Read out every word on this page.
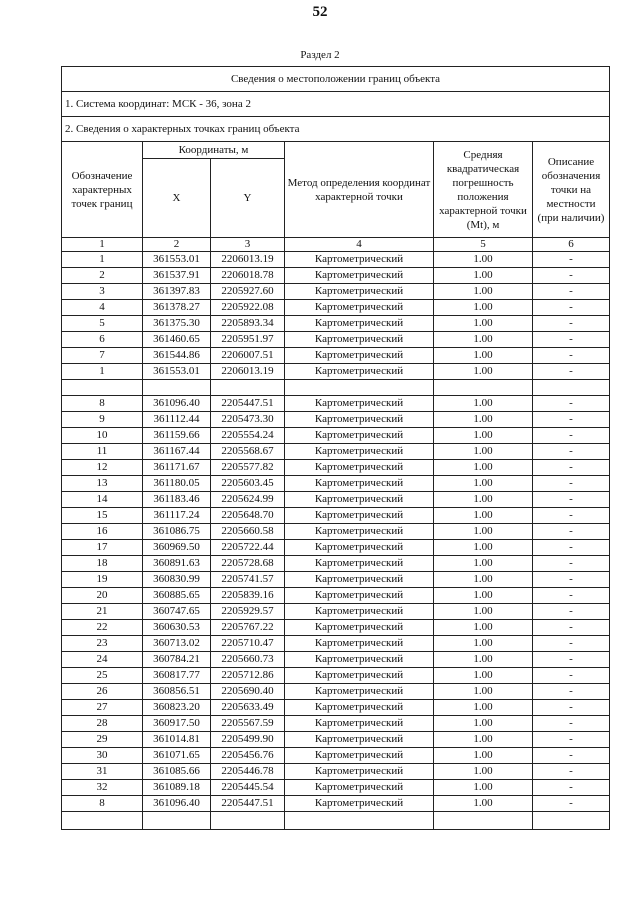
52
Раздел 2
Сведения о местоположении границ объекта					
1. Система координат: МСК - 36, зона 2					
2. Сведения о характерных точках границ объекта					
Обозначение характерных точек границ	Координаты, м		Метод определения координат характерной точки	Средняя квадратическая погрешность положения характерной точки (Mt), м	Описание обозначения точки на местности (при наличии)
	X	Y			
1	2	3	4	5	6
1	361553.01	2206013.19	Картометрический	1.00	-
2	361537.91	2206018.78	Картометрический	1.00	-
3	361397.83	2205927.60	Картометрический	1.00	-
4	361378.27	2205922.08	Картометрический	1.00	-
5	361375.30	2205893.34	Картометрический	1.00	-
6	361460.65	2205951.97	Картометрический	1.00	-
7	361544.86	2206007.51	Картометрический	1.00	-
1	361553.01	2206013.19	Картометрический	1.00	-

8	361096.40	2205447.51	Картометрический	1.00	-
9	361112.44	2205473.30	Картометрический	1.00	-
10	361159.66	2205554.24	Картометрический	1.00	-
11	361167.44	2205568.67	Картометрический	1.00	-
12	361171.67	2205577.82	Картометрический	1.00	-
13	361180.05	2205603.45	Картометрический	1.00	-
14	361183.46	2205624.99	Картометрический	1.00	-
15	361117.24	2205648.70	Картометрический	1.00	-
16	361086.75	2205660.58	Картометрический	1.00	-
17	360969.50	2205722.44	Картометрический	1.00	-
18	360891.63	2205728.68	Картометрический	1.00	-
19	360830.99	2205741.57	Картометрический	1.00	-
20	360885.65	2205839.16	Картометрический	1.00	-
21	360747.65	2205929.57	Картометрический	1.00	-
22	360630.53	2205767.22	Картометрический	1.00	-
23	360713.02	2205710.47	Картометрический	1.00	-
24	360784.21	2205660.73	Картометрический	1.00	-
25	360817.77	2205712.86	Картометрический	1.00	-
26	360856.51	2205690.40	Картометрический	1.00	-
27	360823.20	2205633.49	Картометрический	1.00	-
28	360917.50	2205567.59	Картометрический	1.00	-
29	361014.81	2205499.90	Картометрический	1.00	-
30	361071.65	2205456.76	Картометрический	1.00	-
31	361085.66	2205446.78	Картометрический	1.00	-
32	361089.18	2205445.54	Картометрический	1.00	-
8	361096.40	2205447.51	Картометрический	1.00	-
